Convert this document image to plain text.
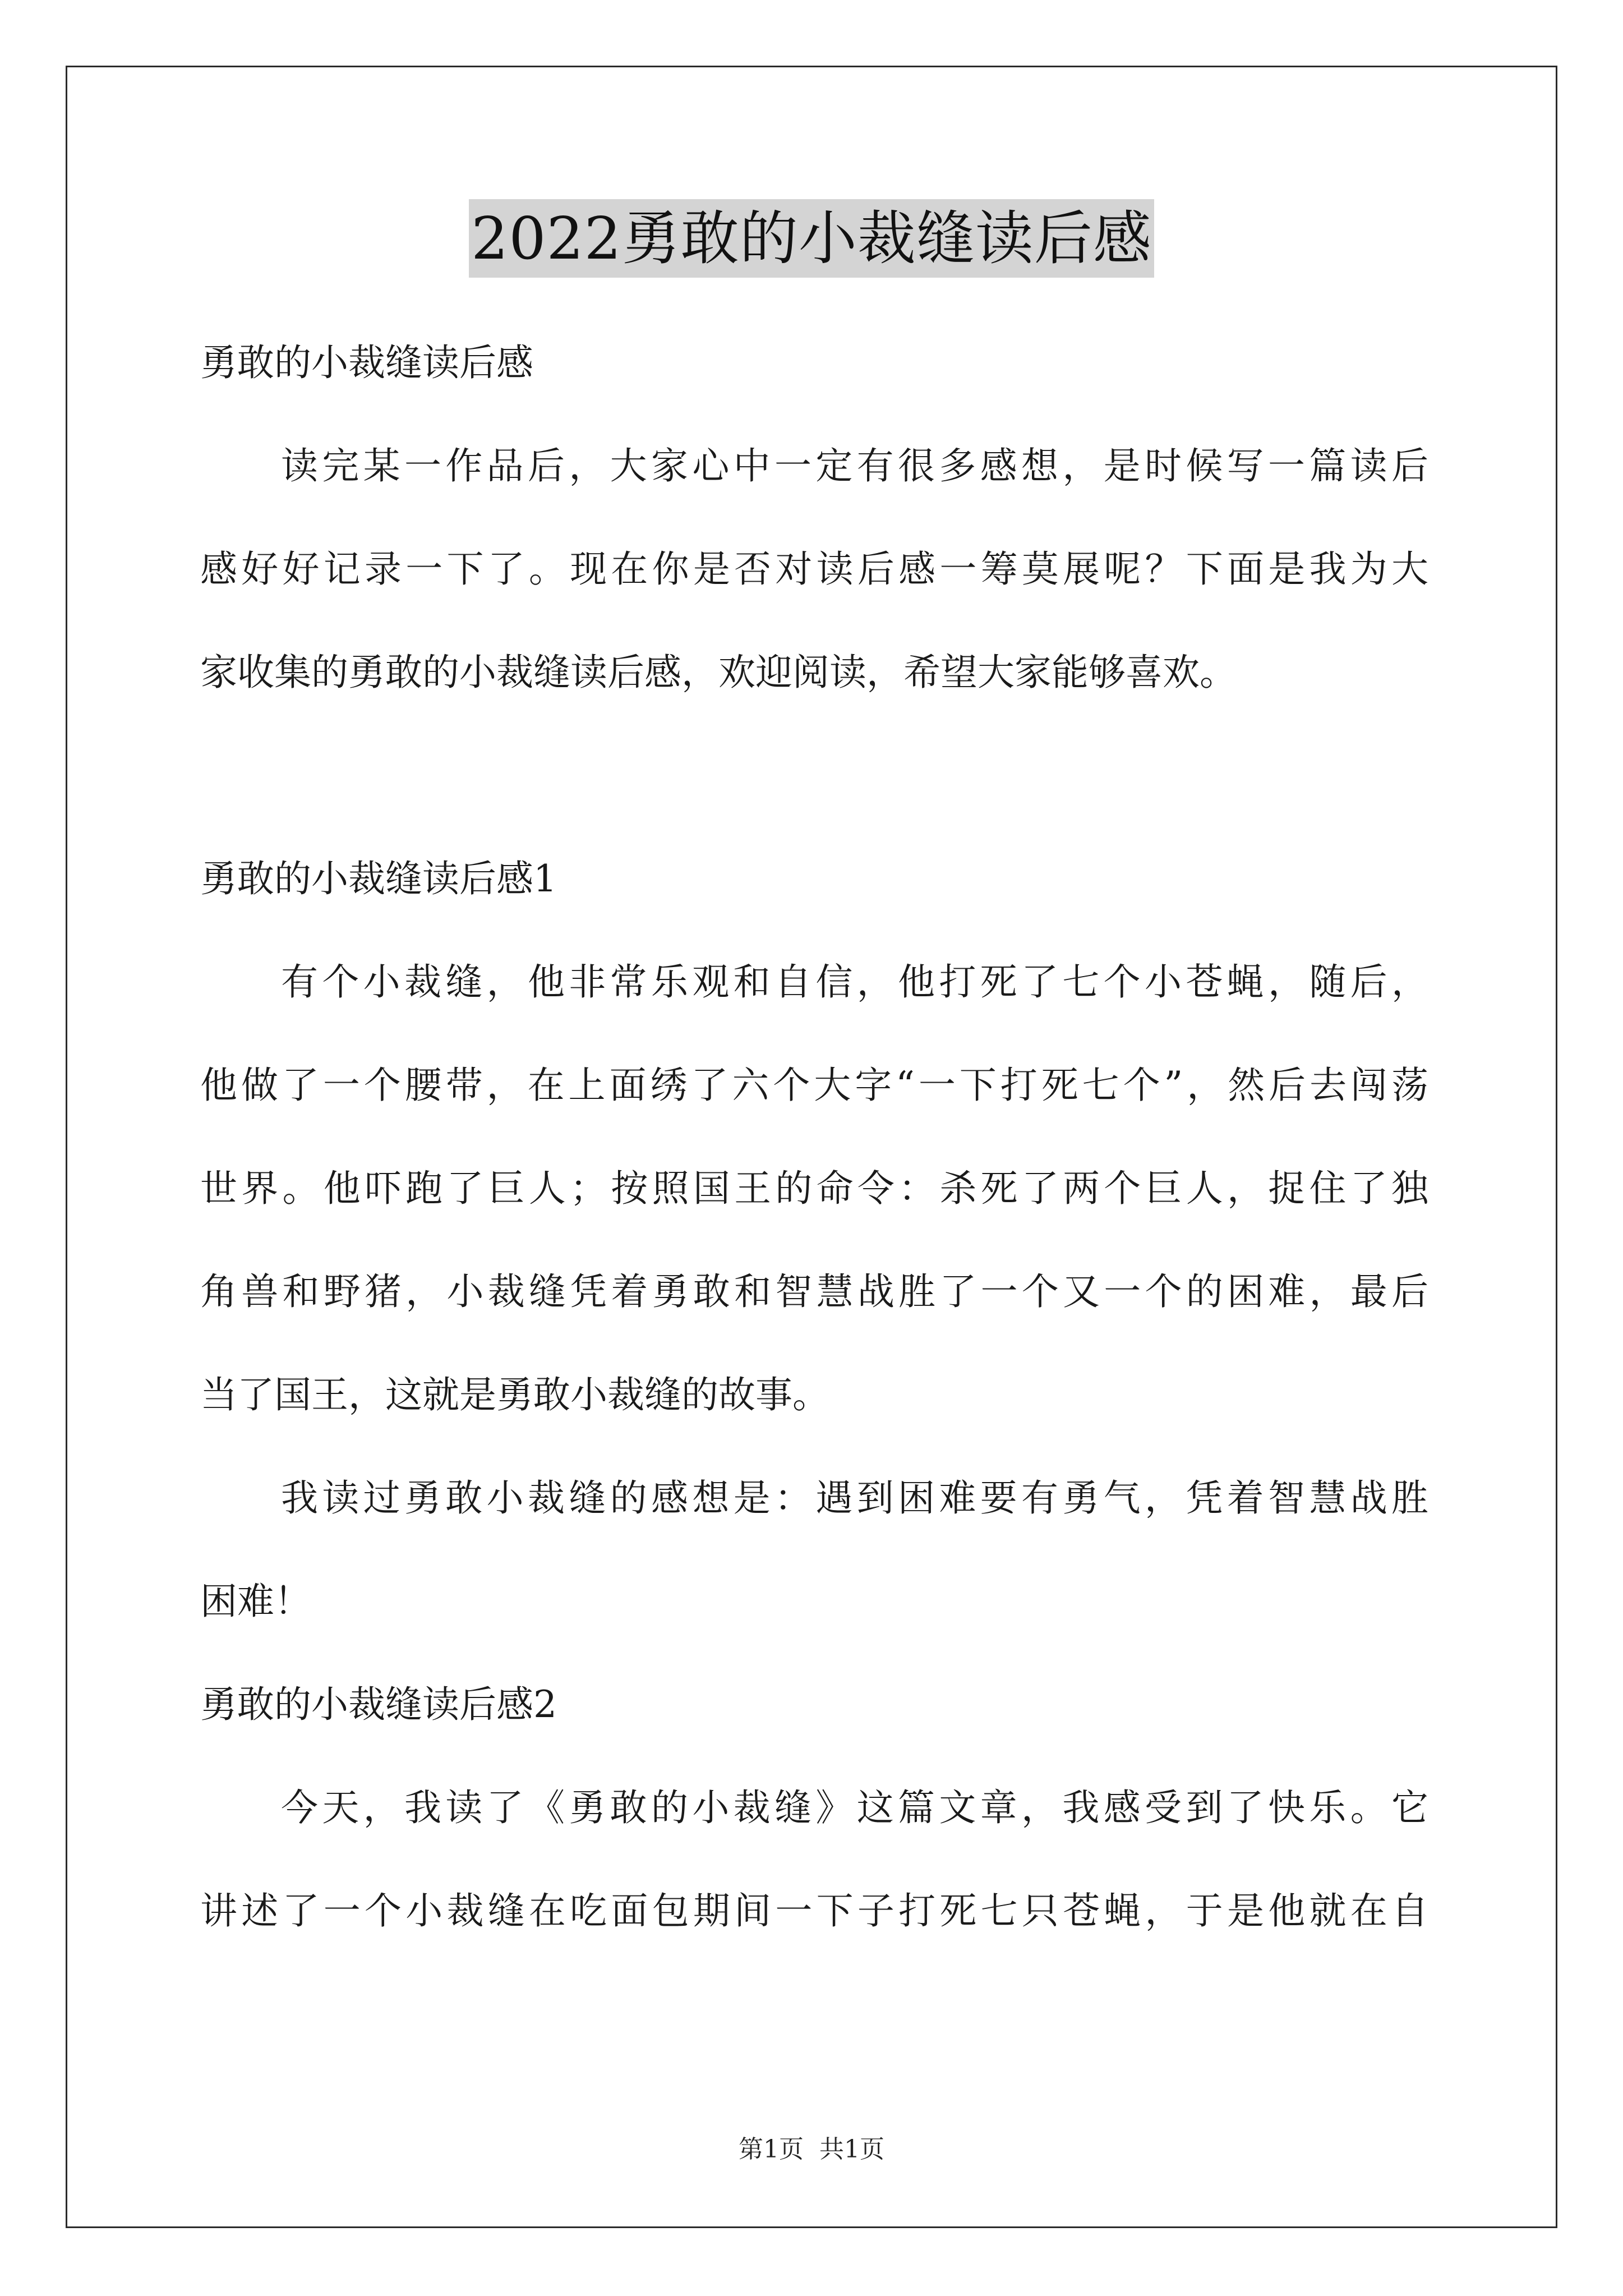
2022勇敢的小裁缝读后感
勇敢的小裁缝读后感
读完某一作品后，大家心中一定有很多感想，是时候写一篇读后
感好好记录一下了。现在你是否对读后感一筹莫展呢？下面是我为大
家收集的勇敢的小裁缝读后感，欢迎阅读，希望大家能够喜欢。
勇敢的小裁缝读后感1
有个小裁缝，他非常乐观和自信，他打死了七个小苍蝇，随后，
他做了一个腰带，在上面绣了六个大字“一下打死七个”，然后去闯荡
世界。他吓跑了巨人；按照国王的命令：杀死了两个巨人，捉住了独
角兽和野猪，小裁缝凭着勇敢和智慧战胜了一个又一个的困难，最后
当了国王，这就是勇敢小裁缝的故事。
我读过勇敢小裁缝的感想是：遇到困难要有勇气，凭着智慧战胜
困难！
勇敢的小裁缝读后感2
今天，我读了《勇敢的小裁缝》这篇文章，我感受到了快乐。它
讲述了一个小裁缝在吃面包期间一下子打死七只苍蝇，于是他就在自
第1页  共1页
